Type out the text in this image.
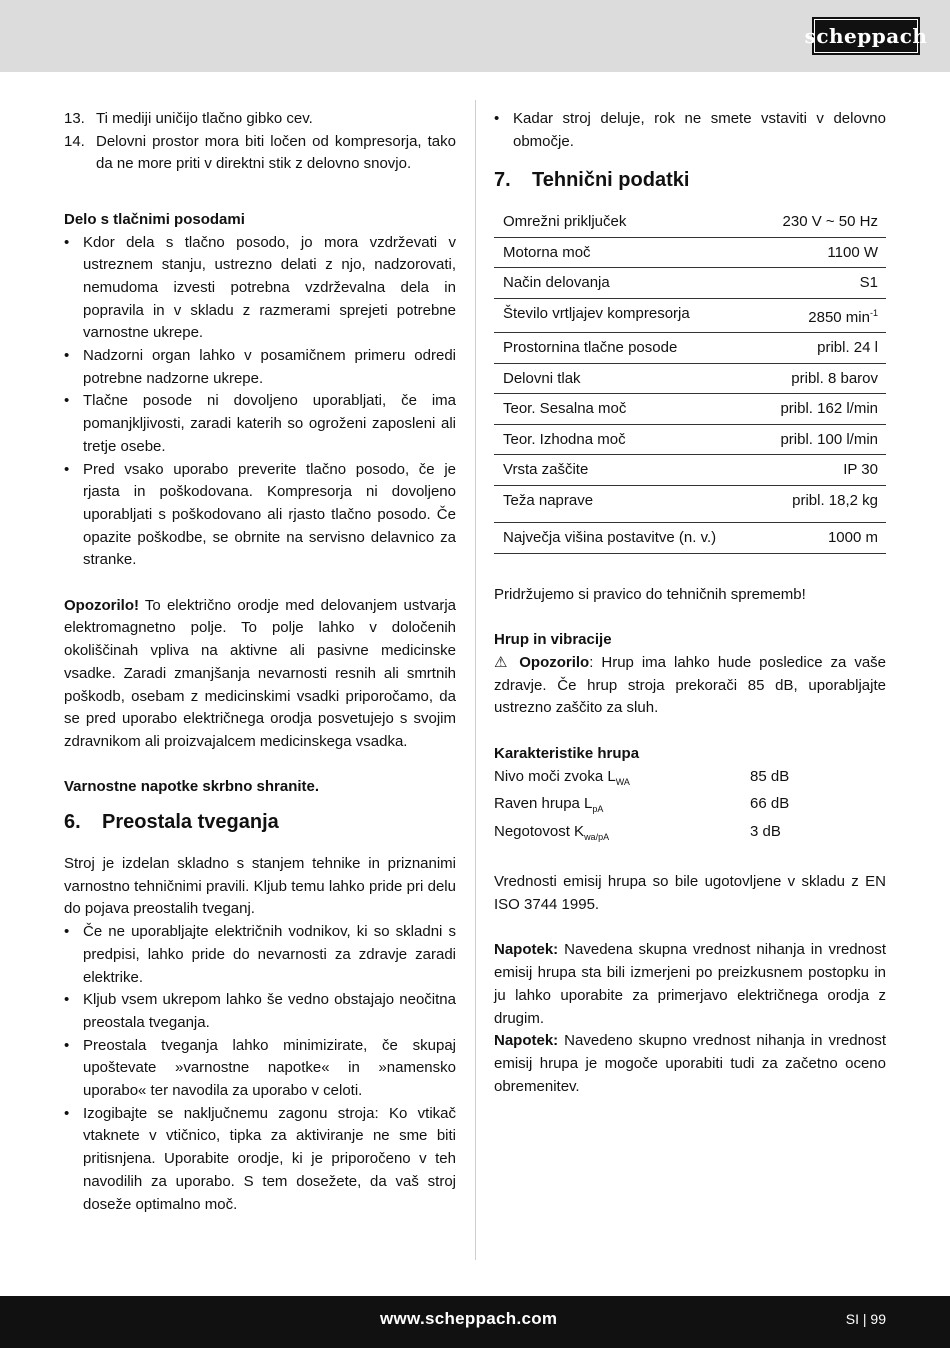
scheppach
13. Ti mediji uničijo tlačno gibko cev.
14. Delovni prostor mora biti ločen od kompresorja, tako da ne more priti v direktni stik z delovno snovjo.
Delo s tlačnimi posodami
• Kdor dela s tlačno posodo, jo mora vzdrževati v ustreznem stanju, ustrezno delati z njo, nadzorovati, nemudoma izvesti potrebna vzdrževalna dela in popravila in v skladu z razmerami sprejeti potrebne varnostne ukrepe.
• Nadzorni organ lahko v posamičnem primeru odredi potrebne nadzorne ukrepe.
• Tlačne posode ni dovoljeno uporabljati, če ima pomanjkljivosti, zaradi katerih so ogroženi zaposleni ali tretje osebe.
• Pred vsako uporabo preverite tlačno posodo, če je rjasta in poškodovana. Kompresorja ni dovoljeno uporabljati s poškodovano ali rjasto tlačno posodo. Če opazite poškodbe, se obrnite na servisno delavnico za stranke.

Opozorilo! To električno orodje med delovanjem ustvarja elektromagnetno polje. To polje lahko v določenih okoliščinah vpliva na aktivne ali pasivne medicinske vsadke. Zaradi zmanjšanja nevarnosti resnih ali smrtnih poškodb, osebam z medicinskimi vsadki priporočamo, da se pred uporabo električnega orodja posvetujejo s svojim zdravnikom ali proizvajalcem medicinskega vsadka.

Varnostne napotke skrbno shranite.
6.	Preostala tveganja

Stroj je izdelan skladno s stanjem tehnike in priznanimi varnostno tehničnimi pravili. Kljub temu lahko pride pri delu do pojava preostalih tveganj.

• Če ne uporabljajte električnih vodnikov, ki so skladni s predpisi, lahko pride do nevarnosti za zdravje zaradi elektrike.
• Kljub vsem ukrepom lahko še vedno obstajajo neočitna preostala tveganja.
• Preostala tveganja lahko minimizirate, če skupaj upoštevate »varnostne napotke« in »namensko uporabo« ter navodila za uporabo v celoti.
• Izogibajte se naključnemu zagonu stroja: Ko vtikač vtaknete v vtičnico, tipka za aktiviranje ne sme biti pritisnjena. Uporabite orodje, ki je priporočeno v teh navodilih za uporabo. S tem dosežete, da vaš stroj doseže optimalno moč.
• Kadar stroj deluje, rok ne smete vstaviti v delovno območje.
7.	Tehnični podatki
Omrežni priključek	230 V ~ 50 Hz
Motorna moč	1100 W
Način delovanja	S1
Število vrtljajev kompresorja	2850 $\min^{-1}$
Prostornina tlačne posode	pribl. 24 l
Delovni tlak	pribl. 8 barov
Teor. Sesalna moč	pribl. 162 l/min
Teor. Izhodna moč	pribl. 100 l/min
Vrsta zaščite	IP 30
Teža naprave	pribl. 18,2 kg
Največja višina postavitve (n. v.)	1000 m

Pridržujemo si pravico do tehničnih sprememb!

Hrup in vibracije

⚠ Opozorilo: Hrup ima lahko hude posledice za vaše zdravje. Če hrup stroja prekorači 85 dB, uporabljajte ustrezno zaščito za sluh.

Karakteristike hrupa
Nivo moči zvoka $L_{WA}$	85 dB
Raven hrupa $L_{pA}$	66 dB
Negotovost $K_{wa/pA}$	3 dB

Vrednosti emisij hrupa so bile ugotovljene v skladu z EN ISO 3744 1995.

Napotek: Navedena skupna vrednost nihanja in vrednost emisij hrupa sta bili izmerjeni po preizkusnem postopku in ju lahko uporabite za primerjavo električnega orodja z drugim.

Napotek: Navedeno skupno vrednost nihanja in vrednost emisij hrupa je mogoče uporabiti tudi za začetno oceno obremenitev.

www.scheppach.com	SI | 99
